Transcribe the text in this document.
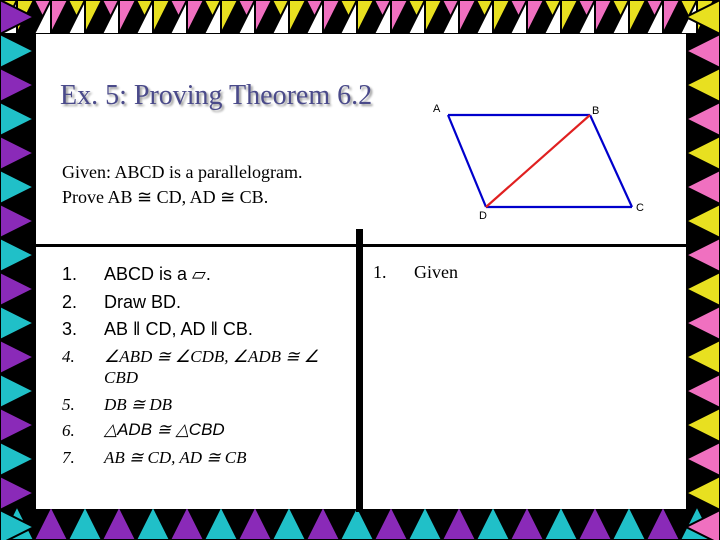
Ex. 5: Proving Theorem 6.2
Given: ABCD is a parallelogram.
Prove AB ≅ CD, AD ≅ CB.
A	B
C
D
1. ABCD is a ▱.
2. Draw BD.
3. AB ‖ CD, AD ‖ CB.
4. ∠ABD ≅ ∠CDB, ∠ADB ≅ ∠
CBD
5. DB ≅ DB
6. △ADB ≅ △CBD
7. AB ≅ CD, AD ≅ CB
1. Given
